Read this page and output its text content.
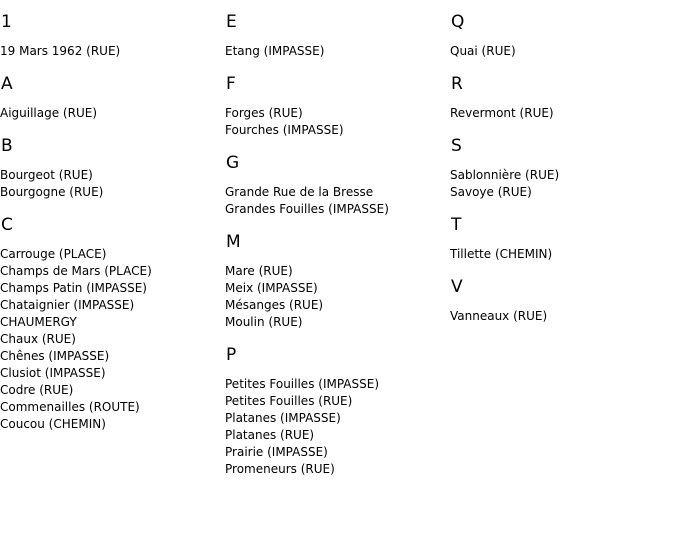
1
19 Mars 1962 (RUE)
A
Aiguillage (RUE)
B
Bourgeot (RUE)
Bourgogne (RUE)
C
Carrouge (PLACE)
Champs de Mars (PLACE)
Champs Patin (IMPASSE)
Chataignier (IMPASSE)
CHAUMERGY
Chaux (RUE)
Chênes (IMPASSE)
Clusiot (IMPASSE)
Codre (RUE)
Commenailles (ROUTE)
Coucou (CHEMIN)
E
Etang (IMPASSE)
F
Forges (RUE)
Fourches (IMPASSE)
G
Grande Rue de la Bresse
Grandes Fouilles (IMPASSE)
M
Mare (RUE)
Meix (IMPASSE)
Mésanges (RUE)
Moulin (RUE)
P
Petites Fouilles (IMPASSE)
Petites Fouilles (RUE)
Platanes (IMPASSE)
Platanes (RUE)
Prairie (IMPASSE)
Promeneurs (RUE)
Q
Quai (RUE)
R
Revermont (RUE)
S
Sablonnière (RUE)
Savoye (RUE)
T
Tillette (CHEMIN)
V
Vanneaux (RUE)
